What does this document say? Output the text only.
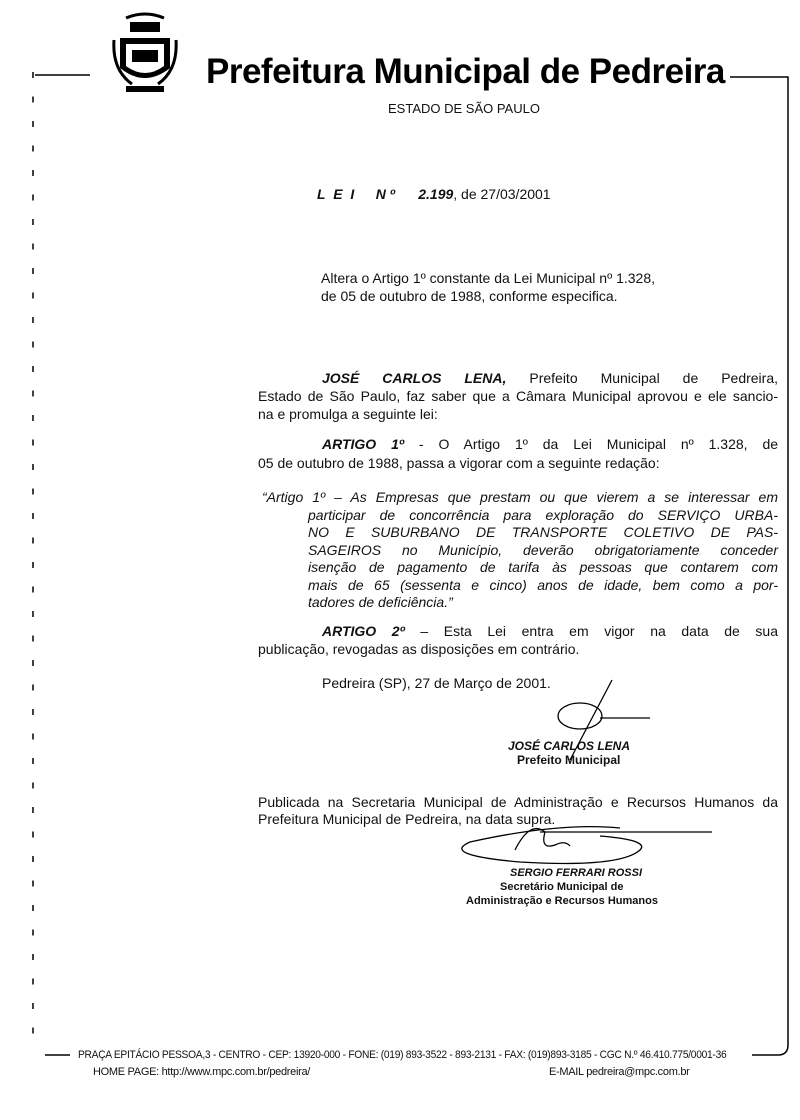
Prefeitura Municipal de Pedreira
ESTADO DE SÃO PAULO
L E I N º 2.199, de 27/03/2001
Altera o Artigo 1º constante da Lei Municipal nº 1.328,
de 05 de outubro de 1988, conforme especifica.
JOSÉ CARLOS LENA, Prefeito Municipal de Pedreira,
Estado de São Paulo, faz saber que a Câmara Municipal aprovou e ele sancio-
na e promulga a seguinte lei:
ARTIGO 1º - O Artigo 1º da Lei Municipal nº 1.328, de
05 de outubro de 1988, passa a vigorar com a seguinte redação:
“Artigo 1º – As Empresas que prestam ou que vierem a se interessar em
participar de concorrência para exploração do SERVIÇO URBA-
NO E SUBURBANO DE TRANSPORTE COLETIVO DE PAS-
SAGEIROS no Município, deverão obrigatoriamente conceder
isenção de pagamento de tarifa às pessoas que contarem com
mais de 65 (sessenta e cinco) anos de idade, bem como a por-
tadores de deficiência.”
ARTIGO 2º – Esta Lei entra em vigor na data de sua
publicação, revogadas as disposições em contrário.
Pedreira (SP), 27 de Março de 2001.
JOSÉ CARLOS LENA
Prefeito Municipal
Publicada na Secretaria Municipal de Administração e Recursos Humanos da
Prefeitura Municipal de Pedreira, na data supra.
SERGIO FERRARI ROSSI
Secretário Municipal de
Administração e Recursos Humanos
PRAÇA EPITÁCIO PESSOA,3 - CENTRO - CEP: 13920-000 - FONE: (019) 893-3522 - 893-2131 - FAX: (019)893-3185 - CGC N.º 46.410.775/0001-36
HOME PAGE: http://www.mpc.com.br/pedreira/	E-MAIL pedreira@mpc.com.br
